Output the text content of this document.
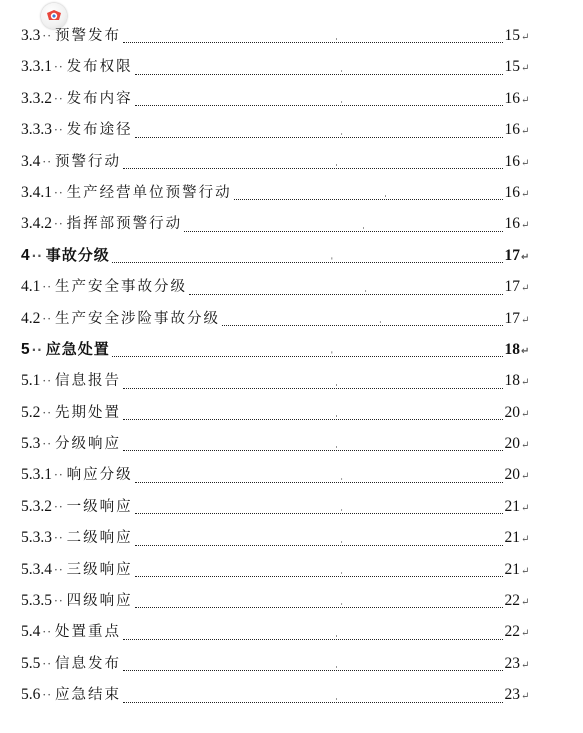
3.3 ·· 预警发布	ˌ	15 ↵
3.3.1 ·· 发布权限	ˌ	15 ↵
3.3.2 ·· 发布内容	ˌ	16 ↵
3.3.3 ·· 发布途径	ˌ	16 ↵
3.4 ·· 预警行动	ˌ	16 ↵
3.4.1 ·· 生产经营单位预警行动	ˌ	16 ↵
3.4.2 ·· 指挥部预警行动	ˌ	16 ↵
4 ·· 事故分级	ˌ	17 ↵
4.1 ·· 生产安全事故分级	ˌ	17 ↵
4.2 ·· 生产安全涉险事故分级	ˌ	17 ↵
5 ·· 应急处置	ˌ	18 ↵
5.1 ·· 信息报告	ˌ	18 ↵
5.2 ·· 先期处置	ˌ	20 ↵
5.3 ·· 分级响应	ˌ	20 ↵
5.3.1 ·· 响应分级	ˌ	20 ↵
5.3.2 ·· 一级响应	ˌ	21 ↵
5.3.3 ·· 二级响应	ˌ	21 ↵
5.3.4 ·· 三级响应	ˌ	21 ↵
5.3.5 ·· 四级响应	ˌ	22 ↵
5.4 ·· 处置重点	ˌ	22 ↵
5.5 ·· 信息发布	ˌ	23 ↵
5.6 ·· 应急结束	ˌ	23 ↵
